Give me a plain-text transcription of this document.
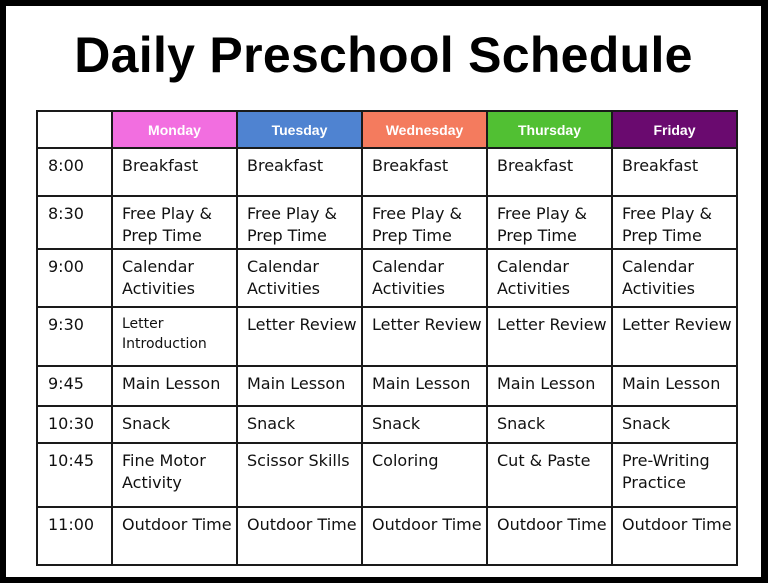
Daily Preschool Schedule
Time	Monday	Tuesday	Wednesday	Thursday	Friday
8:00	Breakfast	Breakfast	Breakfast	Breakfast	Breakfast
8:30	Free Play & Prep Time	Free Play & Prep Time	Free Play & Prep Time	Free Play & Prep Time	Free Play & Prep Time
9:00	Calendar Activities	Calendar Activities	Calendar Activities	Calendar Activities	Calendar Activities
9:30	Letter Introduction	Letter Review	Letter Review	Letter Review	Letter Review
9:45	Main Lesson	Main Lesson	Main Lesson	Main Lesson	Main Lesson
10:30	Snack	Snack	Snack	Snack	Snack
10:45	Fine Motor Activity	Scissor Skills	Coloring	Cut & Paste	Pre-Writing Practice
11:00	Outdoor Time	Outdoor Time	Outdoor Time	Outdoor Time	Outdoor Time
